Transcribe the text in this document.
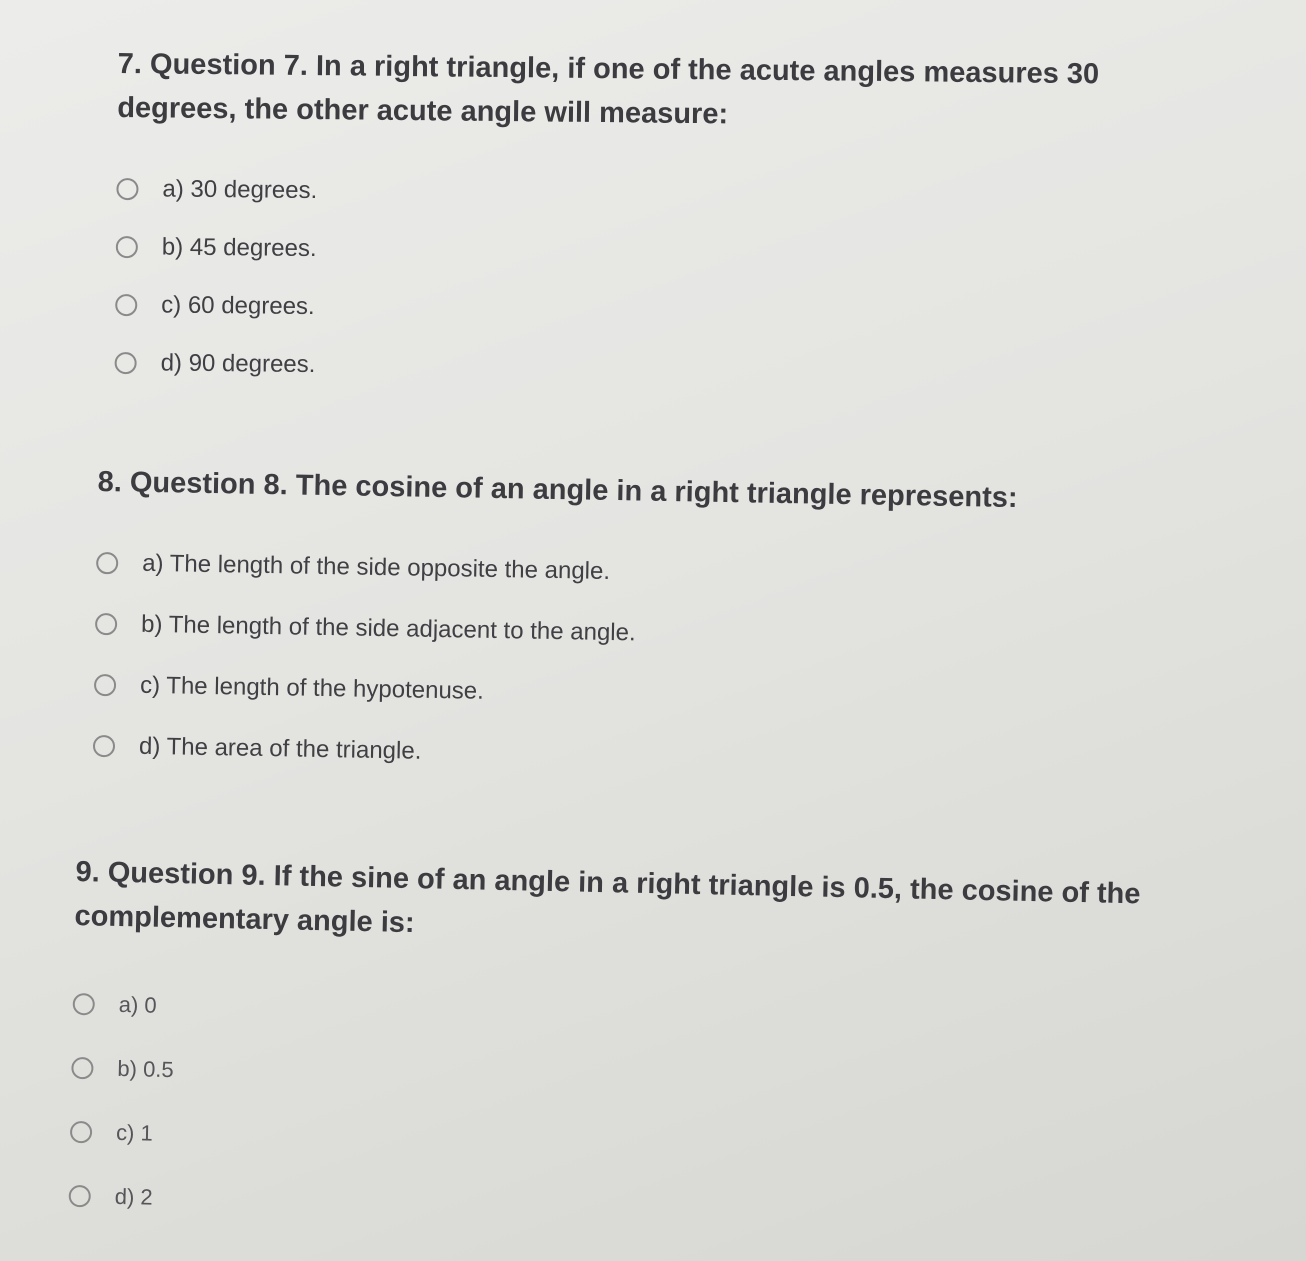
7. Question 7. In a right triangle, if one of the acute angles measures 30 degrees, the other acute angle will measure:

a) 30 degrees.
b) 45 degrees.
c) 60 degrees.
d) 90 degrees.

8. Question 8. The cosine of an angle in a right triangle represents:

a) The length of the side opposite the angle.
b) The length of the side adjacent to the angle.
c) The length of the hypotenuse.
d) The area of the triangle.

9. Question 9. If the sine of an angle in a right triangle is 0.5, the cosine of the complementary angle is:

a) 0
b) 0.5
c) 1
d) 2
